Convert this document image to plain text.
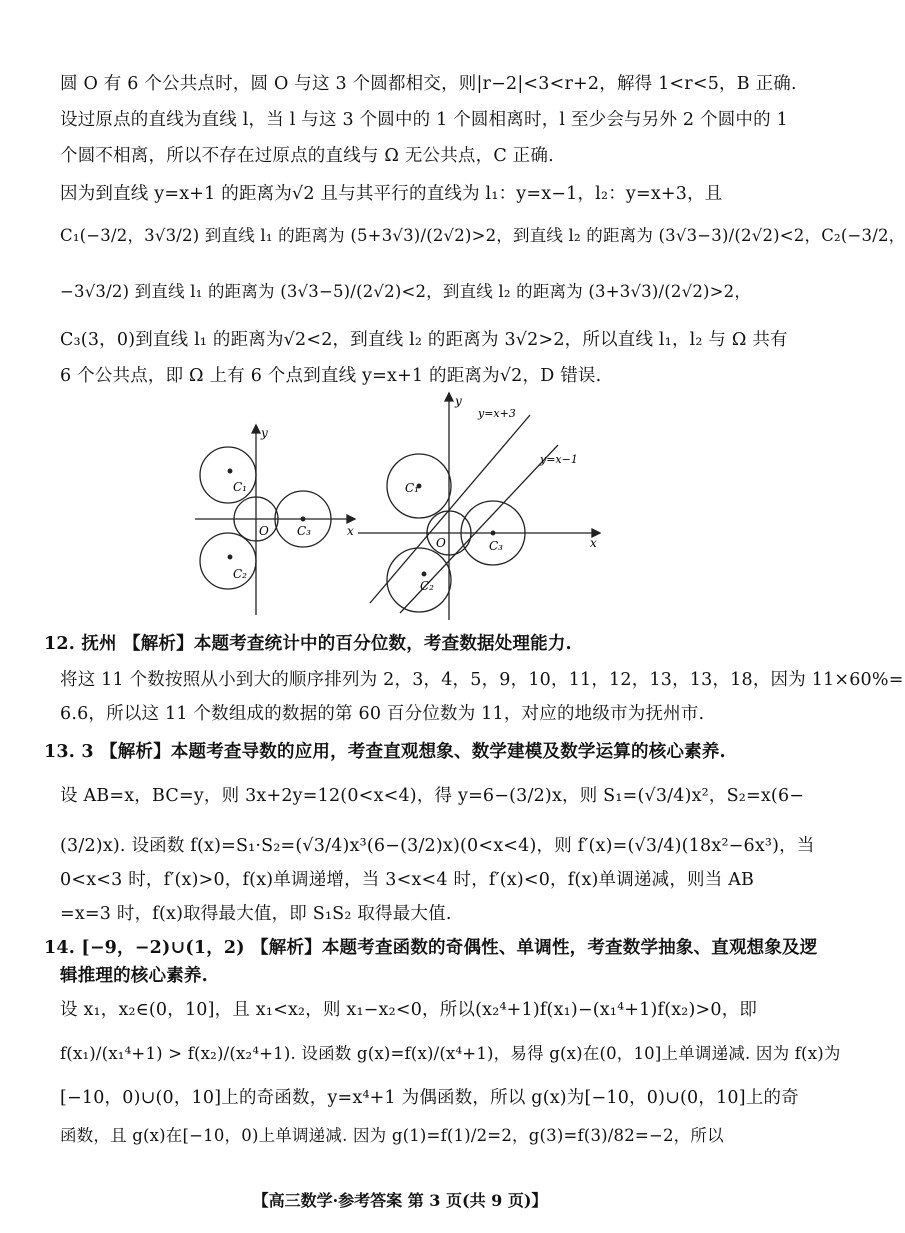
圆 O 有 6 个公共点时，圆 O 与这 3 个圆都相交，则|r−2|<3<r+2，解得 1<r<5，B 正确.
设过原点的直线为直线 l，当 l 与这 3 个圆中的 1 个圆相离时，l 至少会与另外 2 个圆中的 1
个圆不相离，所以不存在过原点的直线与 Ω 无公共点，C 正确.
因为到直线 y=x+1 的距离为√2 且与其平行的直线为 l₁：y=x−1，l₂：y=x+3，且
C₁(−3/2，3√3/2) 到直线 l₁ 的距离为 (5+3√3)/(2√2)>2，到直线 l₂ 的距离为 (3√3−3)/(2√2)<2，C₂(−3/2，
−3√3/2) 到直线 l₁ 的距离为 (3√3−5)/(2√2)<2，到直线 l₂ 的距离为 (3+3√3)/(2√2)>2，
C₃(3，0)到直线 l₁ 的距离为√2<2，到直线 l₂ 的距离为 3√2>2，所以直线 l₁，l₂ 与 Ω 共有
6 个公共点，即 Ω 上有 6 个点到直线 y=x+1 的距离为√2，D 错误.
y
x
O
C₁
C₂
C₃
y
x
O
C₁
C₂
C₃
y=x+3
y=x−1
12. 抚州 【解析】本题考查统计中的百分位数，考查数据处理能力.
将这 11 个数按照从小到大的顺序排列为 2，3，4，5，9，10，11，12，13，13，18，因为 11×60%=
6.6，所以这 11 个数组成的数据的第 60 百分位数为 11，对应的地级市为抚州市.
13. 3 【解析】本题考查导数的应用，考查直观想象、数学建模及数学运算的核心素养.
设 AB=x，BC=y，则 3x+2y=12(0<x<4)，得 y=6−(3/2)x，则 S₁=(√3/4)x²，S₂=x(6−
(3/2)x). 设函数 f(x)=S₁·S₂=(√3/4)x³(6−(3/2)x)(0<x<4)，则 f′(x)=(√3/4)(18x²−6x³)，当
0<x<3 时，f′(x)>0，f(x)单调递增，当 3<x<4 时，f′(x)<0，f(x)单调递减，则当 AB
=x=3 时，f(x)取得最大值，即 S₁S₂ 取得最大值.
14. [−9，−2)∪(1，2) 【解析】本题考查函数的奇偶性、单调性，考查数学抽象、直观想象及逻
辑推理的核心素养.
设 x₁，x₂∈(0，10]，且 x₁<x₂，则 x₁−x₂<0，所以(x₂⁴+1)f(x₁)−(x₁⁴+1)f(x₂)>0，即
f(x₁)/(x₁⁴+1) > f(x₂)/(x₂⁴+1). 设函数 g(x)=f(x)/(x⁴+1)，易得 g(x)在(0，10]上单调递减. 因为 f(x)为
[−10，0)∪(0，10]上的奇函数，y=x⁴+1 为偶函数，所以 g(x)为[−10，0)∪(0，10]上的奇
函数，且 g(x)在[−10，0)上单调递减. 因为 g(1)=f(1)/2=2，g(3)=f(3)/82=−2，所以
【高三数学·参考答案 第 3 页(共 9 页)】
